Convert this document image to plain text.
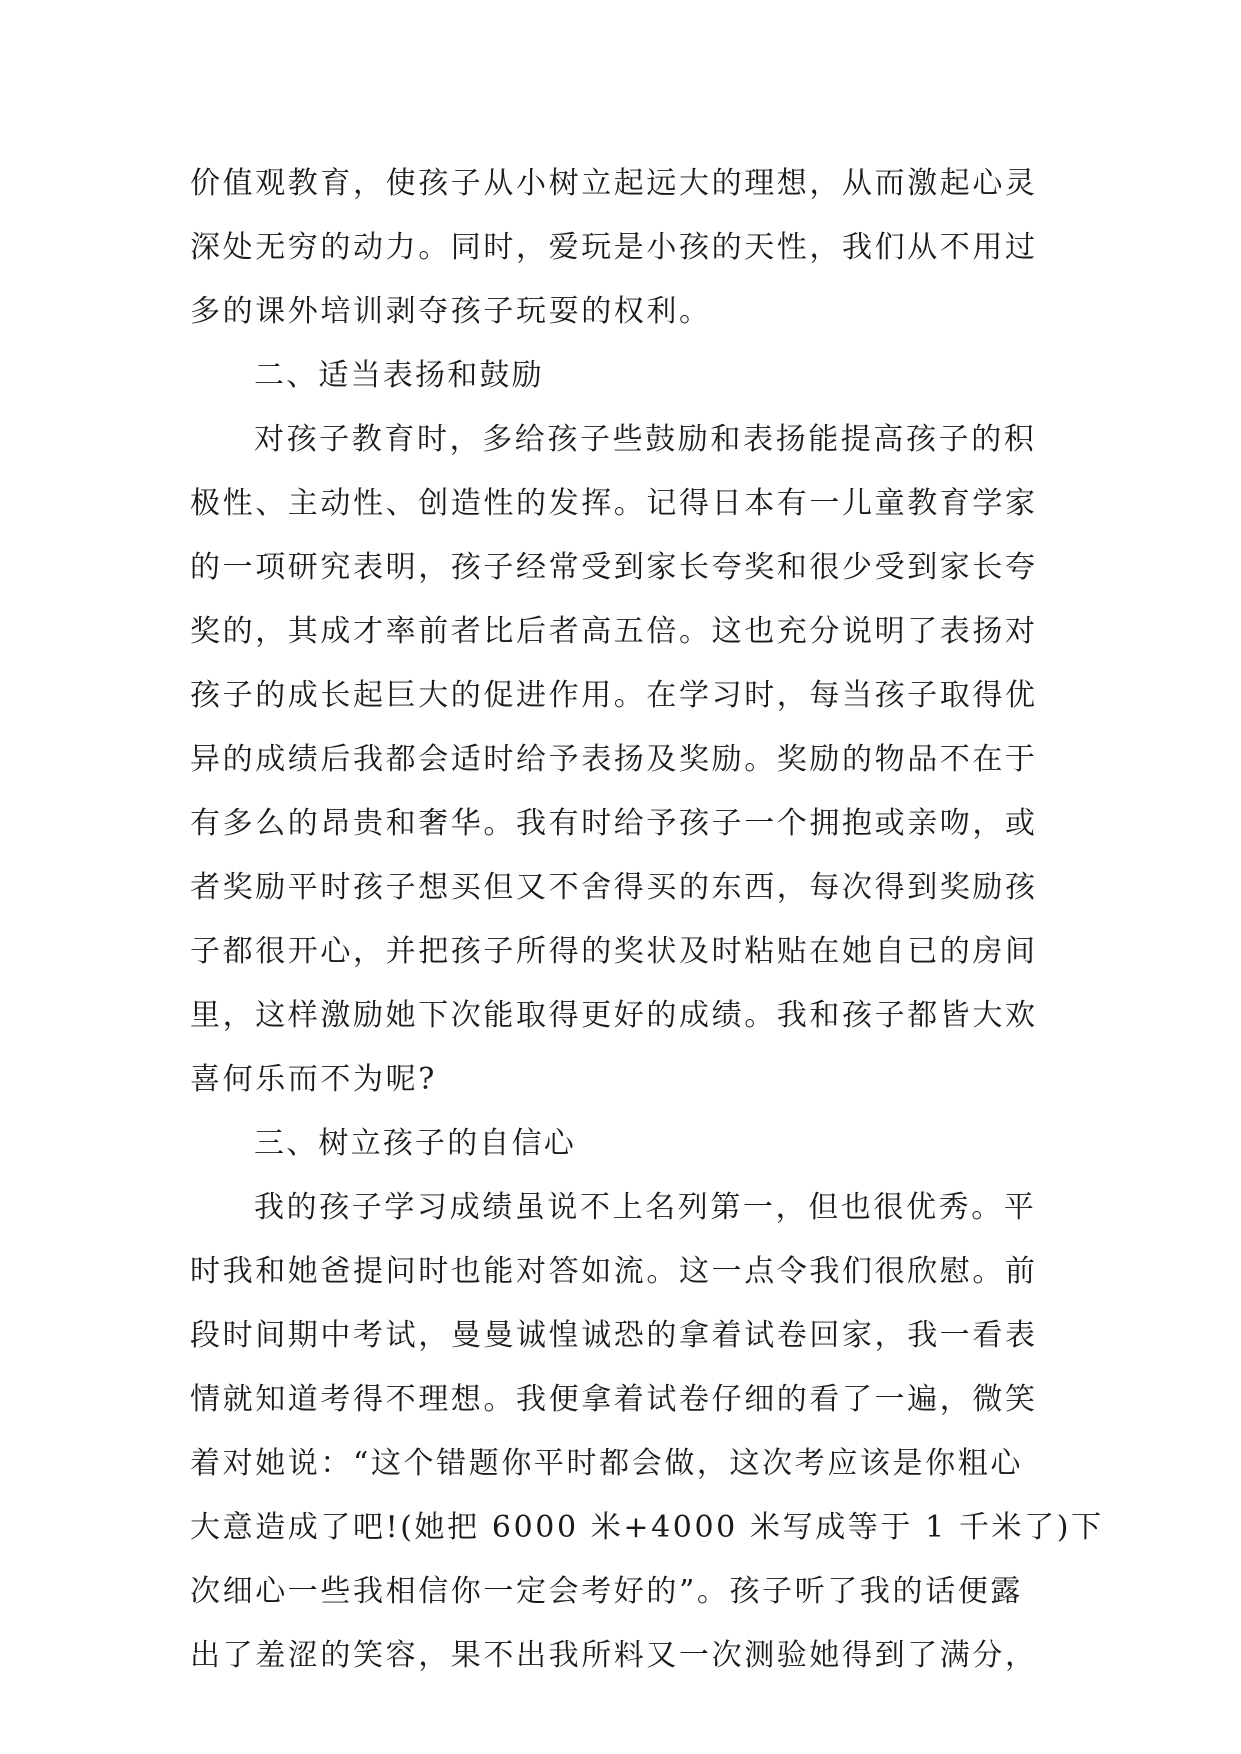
价值观教育，使孩子从小树立起远大的理想，从而激起心灵
深处无穷的动力。同时，爱玩是小孩的天性，我们从不用过
多的课外培训剥夺孩子玩耍的权利。
二、适当表扬和鼓励
对孩子教育时，多给孩子些鼓励和表扬能提高孩子的积
极性、主动性、创造性的发挥。记得日本有一儿童教育学家
的一项研究表明，孩子经常受到家长夸奖和很少受到家长夸
奖的，其成才率前者比后者高五倍。这也充分说明了表扬对
孩子的成长起巨大的促进作用。在学习时，每当孩子取得优
异的成绩后我都会适时给予表扬及奖励。奖励的物品不在于
有多么的昂贵和奢华。我有时给予孩子一个拥抱或亲吻，或
者奖励平时孩子想买但又不舍得买的东西，每次得到奖励孩
子都很开心，并把孩子所得的奖状及时粘贴在她自已的房间
里，这样激励她下次能取得更好的成绩。我和孩子都皆大欢
喜何乐而不为呢?
三、树立孩子的自信心
我的孩子学习成绩虽说不上名列第一，但也很优秀。平
时我和她爸提问时也能对答如流。这一点令我们很欣慰。前
段时间期中考试，曼曼诚惶诚恐的拿着试卷回家，我一看表
情就知道考得不理想。我便拿着试卷仔细的看了一遍，微笑
着对她说：“这个错题你平时都会做，这次考应该是你粗心
大意造成了吧!(她把 6000 米+4000 米写成等于 1 千米了)下
次细心一些我相信你一定会考好的”。孩子听了我的话便露
出了羞涩的笑容，果不出我所料又一次测验她得到了满分，
